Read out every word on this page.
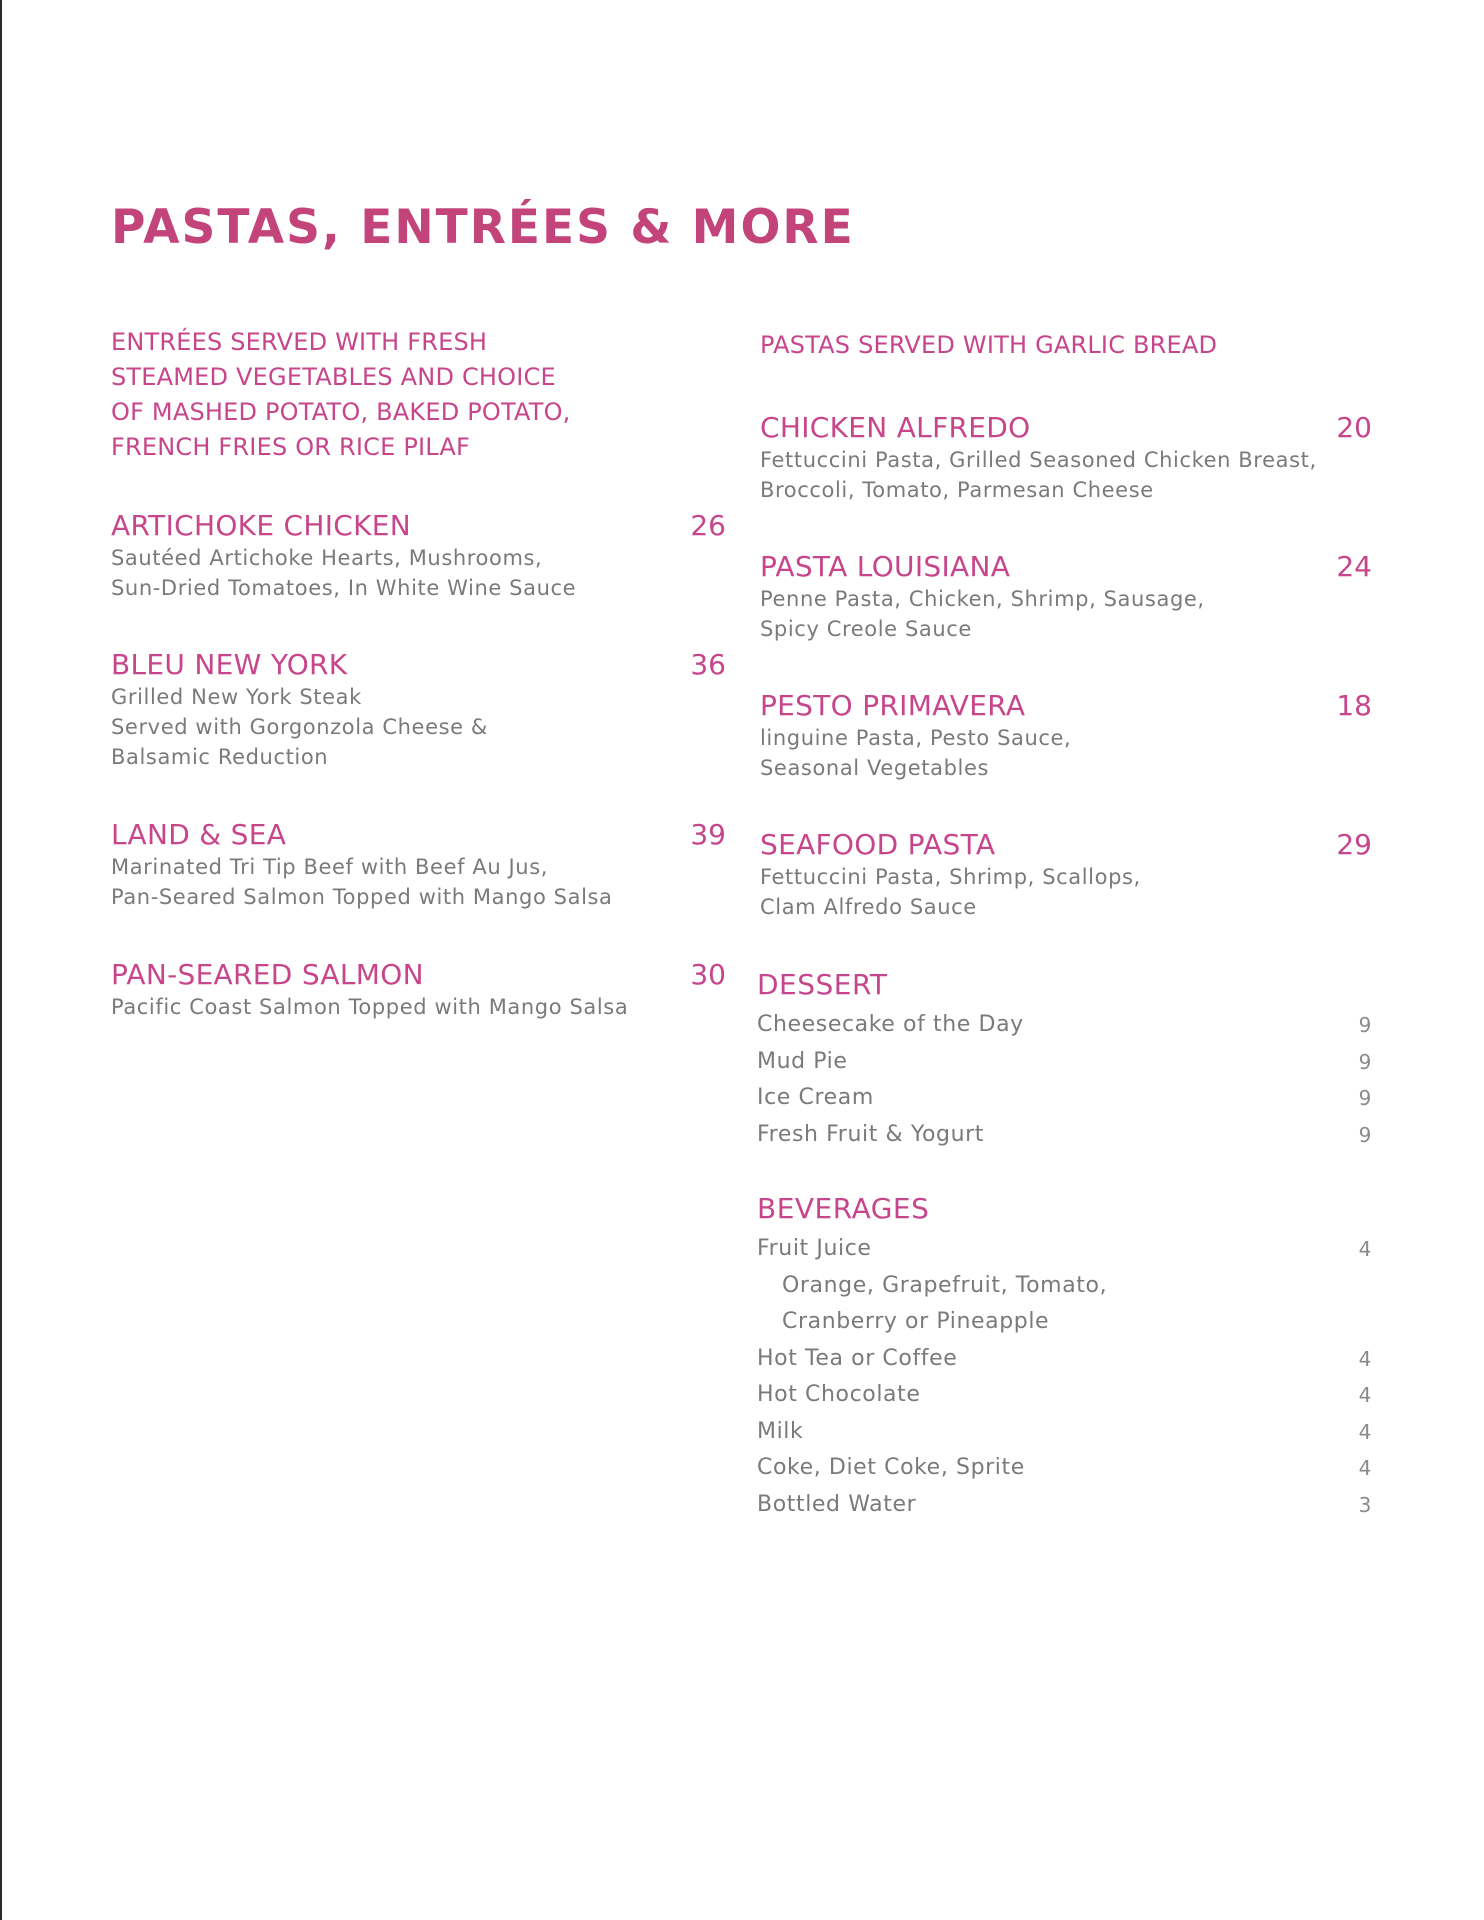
PASTAS, ENTRÉES & MORE
ENTRÉES SERVED WITH FRESH
STEAMED VEGETABLES AND CHOICE
OF MASHED POTATO, BAKED POTATO,
FRENCH FRIES OR RICE PILAF
ARTICHOKE CHICKEN	26
Sautéed Artichoke Hearts, Mushrooms,
Sun-Dried Tomatoes, In White Wine Sauce
BLEU NEW YORK	36
Grilled New York Steak
Served with Gorgonzola Cheese &
Balsamic Reduction
LAND & SEA	39
Marinated Tri Tip Beef with Beef Au Jus,
Pan-Seared Salmon Topped with Mango Salsa
PAN-SEARED SALMON	30
Pacific Coast Salmon Topped with Mango Salsa
PASTAS SERVED WITH GARLIC BREAD
CHICKEN ALFREDO	20
Fettuccini Pasta, Grilled Seasoned Chicken Breast,
Broccoli, Tomato, Parmesan Cheese
PASTA LOUISIANA	24
Penne Pasta, Chicken, Shrimp, Sausage,
Spicy Creole Sauce
PESTO PRIMAVERA	18
linguine Pasta, Pesto Sauce,
Seasonal Vegetables
SEAFOOD PASTA	29
Fettuccini Pasta, Shrimp, Scallops,
Clam Alfredo Sauce
DESSERT
Cheesecake of the Day	9
Mud Pie	9
Ice Cream	9
Fresh Fruit & Yogurt	9
BEVERAGES
Fruit Juice	4
Orange, Grapefruit, Tomato,
Cranberry or Pineapple
Hot Tea or Coffee	4
Hot Chocolate	4
Milk	4
Coke, Diet Coke, Sprite	4
Bottled Water	3
